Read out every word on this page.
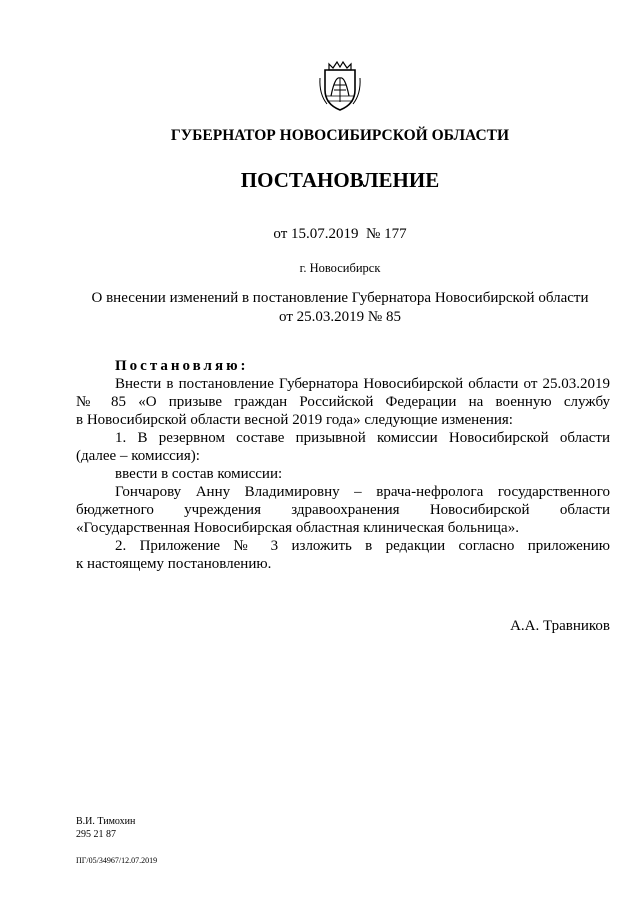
ГУБЕРНАТОР НОВОСИБИРСКОЙ ОБЛАСТИ
ПОСТАНОВЛЕНИЕ
от 15.07.2019  № 177
г. Новосибирск
О внесении изменений в постановление Губернатора Новосибирской области
от 25.03.2019 № 85

Постановляю:

Внести в постановление Губернатора Новосибирской области от 25.03.2019

№ 85 «О призыве граждан Российской Федерации на военную службу

в Новосибирской области весной 2019 года» следующие изменения:

1. В резервном составе призывной комиссии Новосибирской области

(далее – комиссия):

ввести в состав комиссии:

Гончарову Анну Владимировну – врача-нефролога государственного

бюджетного учреждения здравоохранения Новосибирской области

«Государственная Новосибирская областная клиническая больница».

2. Приложение № 3 изложить в редакции согласно приложению

к настоящему постановлению.

А.А. Травников
В.И. Тимохин
295 21 87
ПГ/05/34967/12.07.2019
